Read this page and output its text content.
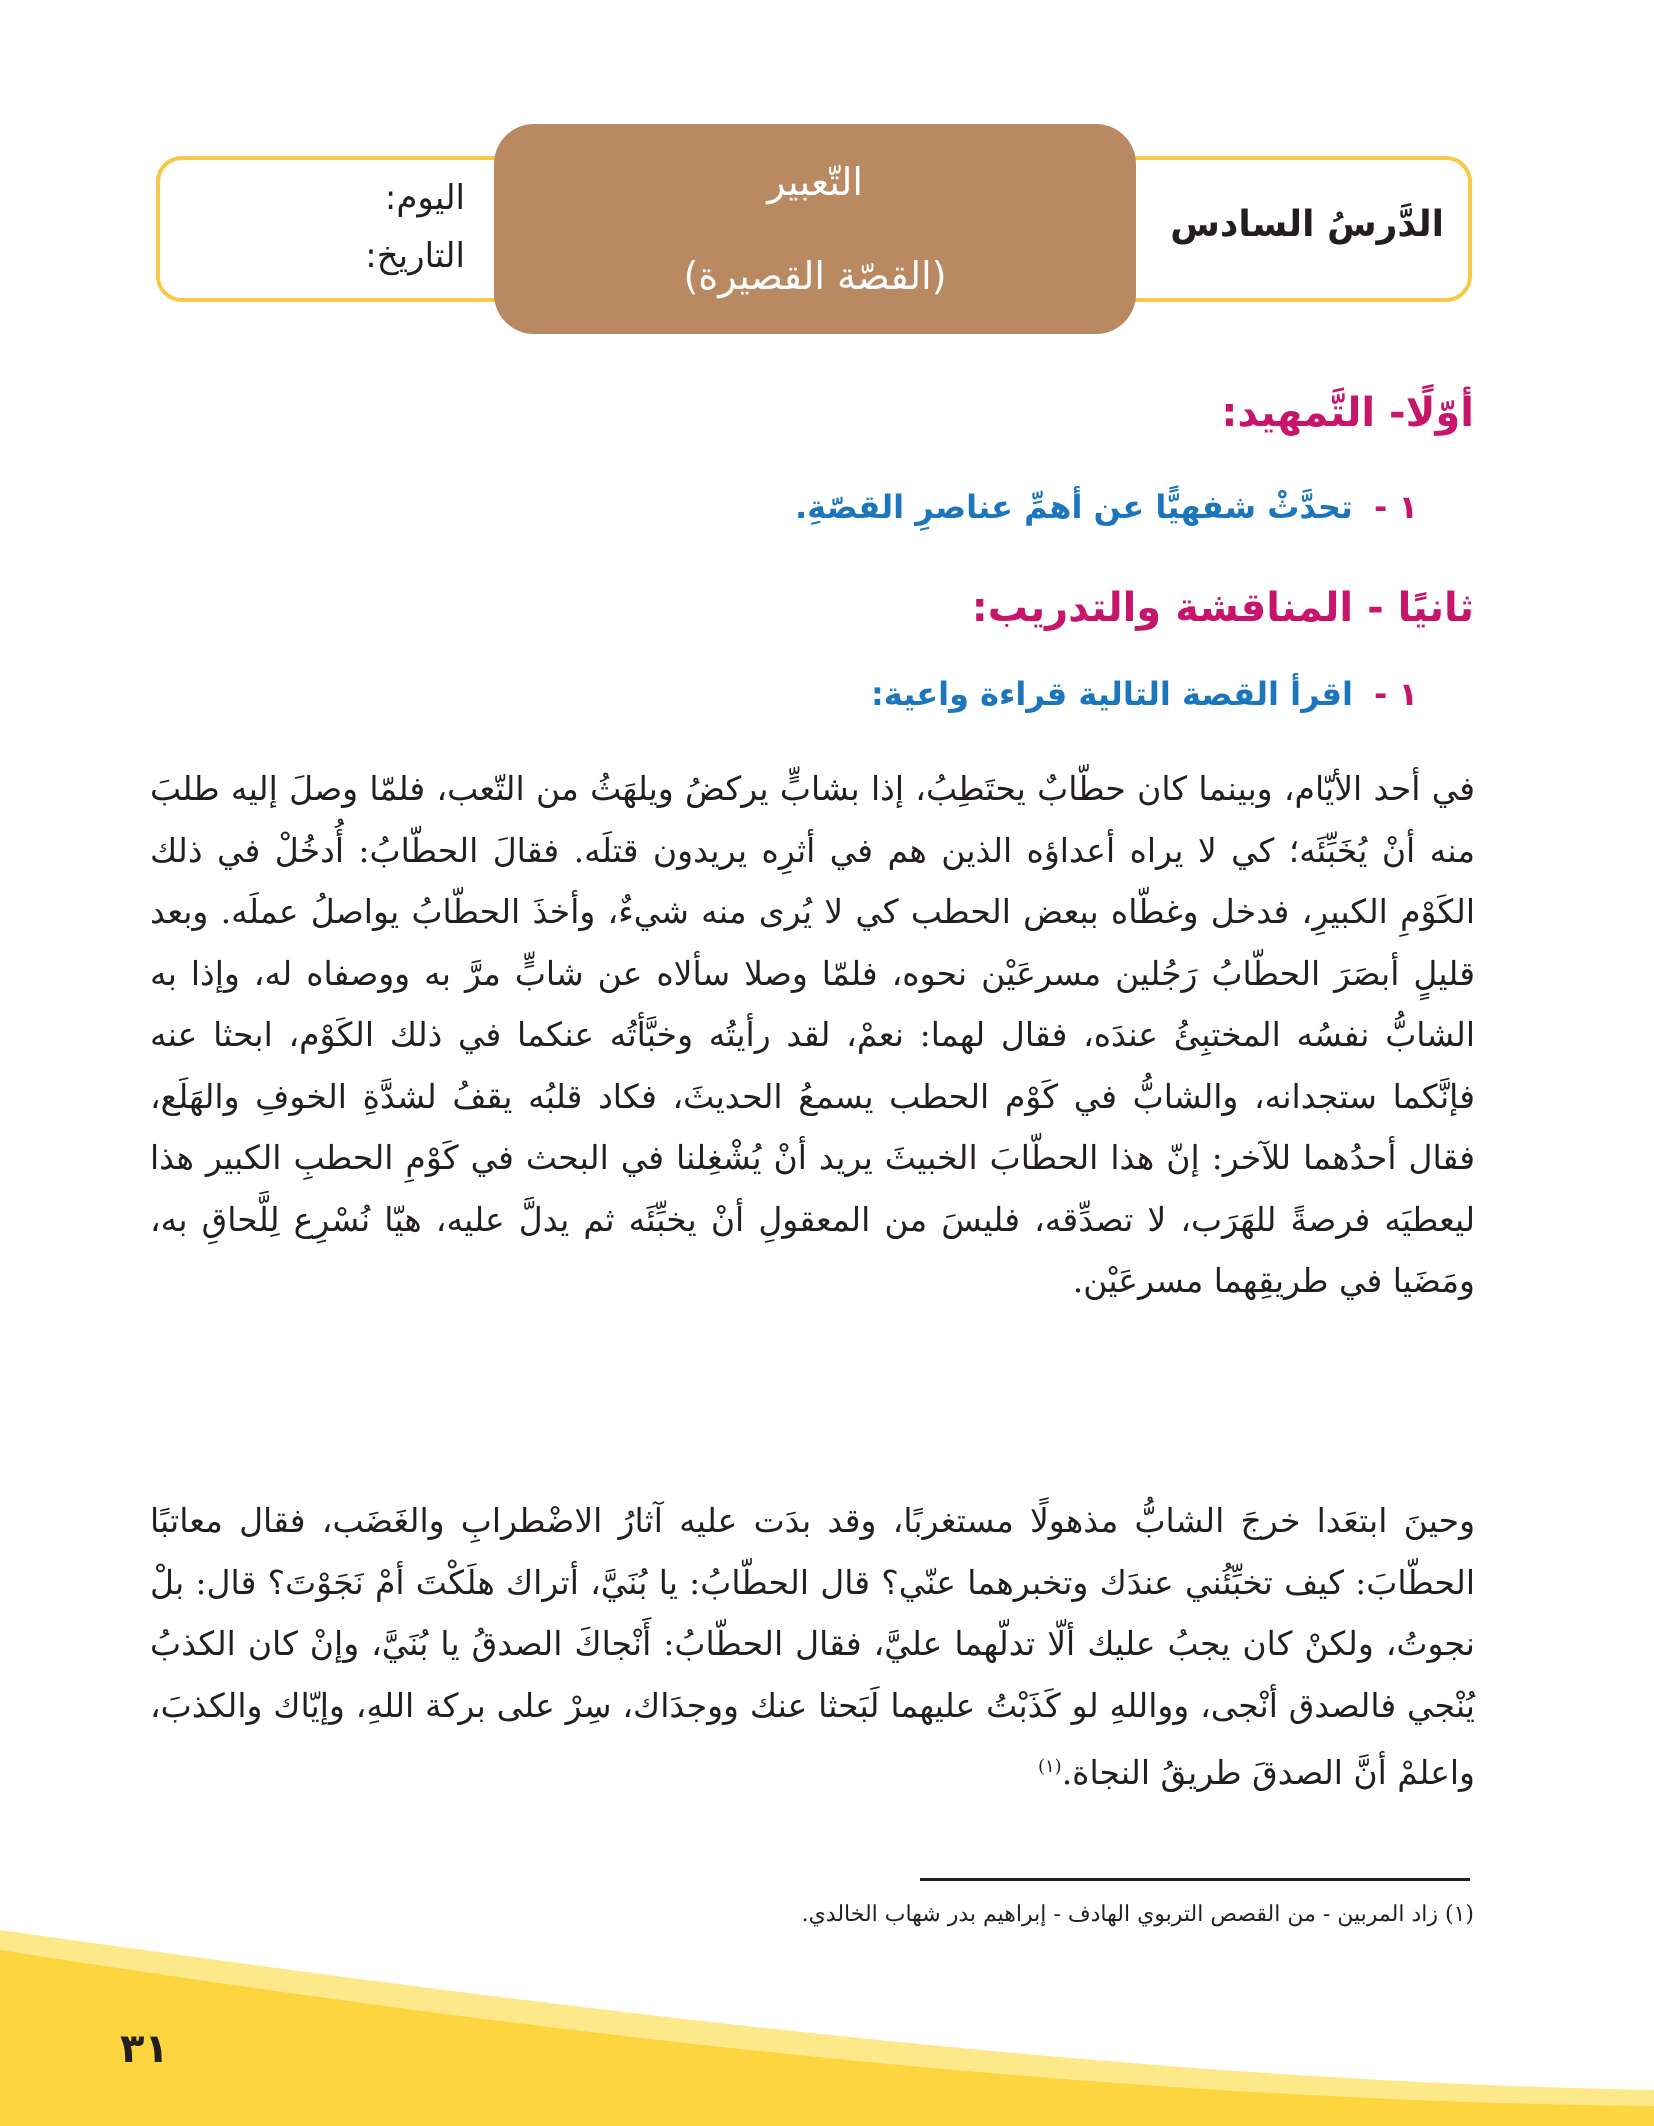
الدَّرسُ السادس
اليوم:
التاريخ:
التّعبير
(القصّة القصيرة)
أوّلًا- التَّمهيد:
١ - تحدَّثْ شفهيًّا عن أهمِّ عناصرِ القصّةِ.
ثانيًا - المناقشة والتدريب:
١ - اقرأ القصة التالية قراءة واعية:

في أحد الأيّام، وبينما كان حطّابٌ يحتَطِبُ، إذا بشابٍّ يركضُ ويلهَثُ من التّعب، فلمّا وصلَ إليه طلبَ منه أنْ يُخَبِّئَه؛ كي لا يراه أعداؤه الذين هم في أثرِه يريدون قتلَه. فقالَ الحطّابُ: أُدخُلْ في ذلك الكَوْمِ الكبيرِ، فدخل وغطّاه ببعض الحطب كي لا يُرى منه شيءٌ، وأخذَ الحطّابُ يواصلُ عملَه. وبعد قليلٍ أبصَرَ الحطّابُ رَجُلين مسرعَيْن نحوه، فلمّا وصلا سألاه عن شابٍّ مرَّ به ووصفاه له، وإذا به الشابُّ نفسُه المختبِئُ عندَه، فقال لهما: نعمْ، لقد رأيتُه وخبَّأتُه عنكما في ذلك الكَوْم، ابحثا عنه فإنَّكما ستجدانه، والشابُّ في كَوْم الحطب يسمعُ الحديثَ، فكاد قلبُه يقفُ لشدَّةِ الخوفِ والهَلَع، فقال أحدُهما للآخر: إنّ هذا الحطّابَ الخبيثَ يريد أنْ يُشْغِلنا في البحث في كَوْمِ الحطبِ الكبير هذا ليعطيَه فرصةً للهَرَب، لا تصدِّقه، فليسَ من المعقولِ أنْ يخبِّئَه ثم يدلَّ عليه، هيّا نُسْرِع لِلَّحاقِ به، ومَضَيا في طريقِهما مسرعَيْن.

وحينَ ابتعَدا خرجَ الشابُّ مذهولًا مستغربًا، وقد بدَت عليه آثارُ الاضْطرابِ والغَضَب، فقال معاتبًا الحطّابَ: كيف تخبِّئُني عندَك وتخبرهما عنّي؟ قال الحطّابُ: يا بُنَيَّ، أتراك هلَكْتَ أمْ نَجَوْتَ؟ قال: بلْ نجوتُ، ولكنْ كان يجبُ عليك ألّا تدلّهما عليَّ، فقال الحطّابُ: أَنْجاكَ الصدقُ يا بُنَيَّ، وإنْ كان الكذبُ يُنْجي فالصدق أنْجى، وواللهِ لو كَذَبْتُ عليهما لَبَحثا عنك ووجدَاك، سِرْ على بركة اللهِ، وإيّاك والكذبَ، واعلمْ أنَّ الصدقَ طريقُ النجاة.$^{(١)}$

(١) زاد المربين - من القصص التربوي الهادف - إبراهيم بدر شهاب الخالدي.
٣١
